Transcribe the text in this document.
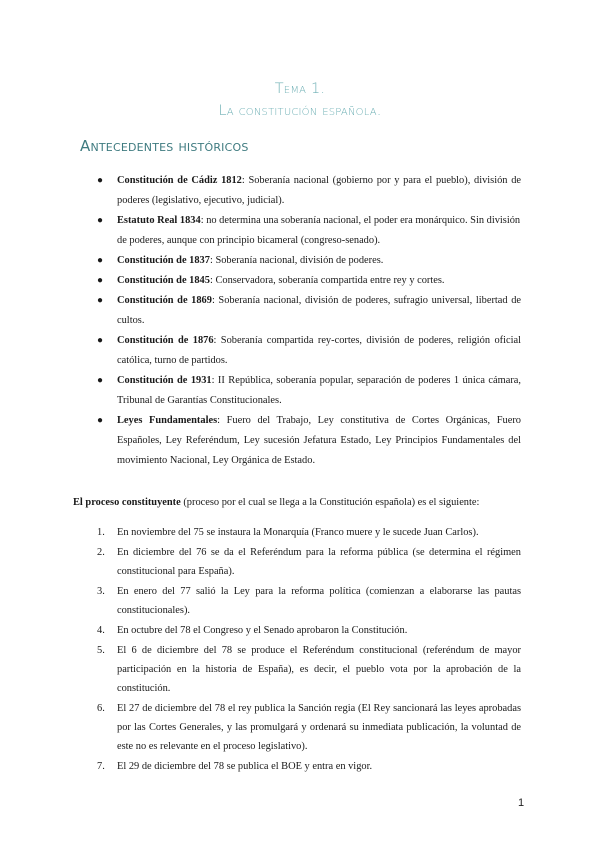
Tema 1.
La constitución española.
Antecedentes históricos
● Constitución de Cádiz 1812: Soberanía nacional (gobierno por y para el pueblo), división de poderes (legislativo, ejecutivo, judicial).
● Estatuto Real 1834: no determina una soberanía nacional, el poder era monárquico. Sin división de poderes, aunque con principio bicameral (congreso-senado).
● Constitución de 1837: Soberanía nacional, división de poderes.
● Constitución de 1845: Conservadora, soberanía compartida entre rey y cortes.
● Constitución de 1869: Soberanía nacional, división de poderes, sufragio universal, libertad de cultos.
● Constitución de 1876: Soberanía compartida rey-cortes, división de poderes, religión oficial católica, turno de partidos.
● Constitución de 1931: II República, soberanía popular, separación de poderes 1 única cámara, Tribunal de Garantías Constitucionales.
● Leyes Fundamentales: Fuero del Trabajo, Ley constitutiva de Cortes Orgánicas, Fuero Españoles, Ley Referéndum, Ley sucesión Jefatura Estado, Ley Principios Fundamentales del movimiento Nacional, Ley Orgánica de Estado.
El proceso constituyente (proceso por el cual se llega a la Constitución española) es el siguiente:
1. En noviembre del 75 se instaura la Monarquía (Franco muere y le sucede Juan Carlos).
2. En diciembre del 76 se da el Referéndum para la reforma pública (se determina el régimen constitucional para España).
3. En enero del 77 salió la Ley para la reforma política (comienzan a elaborarse las pautas constitucionales).
4. En octubre del 78 el Congreso y el Senado aprobaron la Constitución.
5. El 6 de diciembre del 78 se produce el Referéndum constitucional (referéndum de mayor participación en la historia de España), es decir, el pueblo vota por la aprobación de la constitución.
6. El 27 de diciembre del 78 el rey publica la Sanción regia (El Rey sancionará las leyes aprobadas por las Cortes Generales, y las promulgará y ordenará su inmediata publicación, la voluntad de este no es relevante en el proceso legislativo).
7. El 29 de diciembre del 78 se publica el BOE y entra en vigor.
1
